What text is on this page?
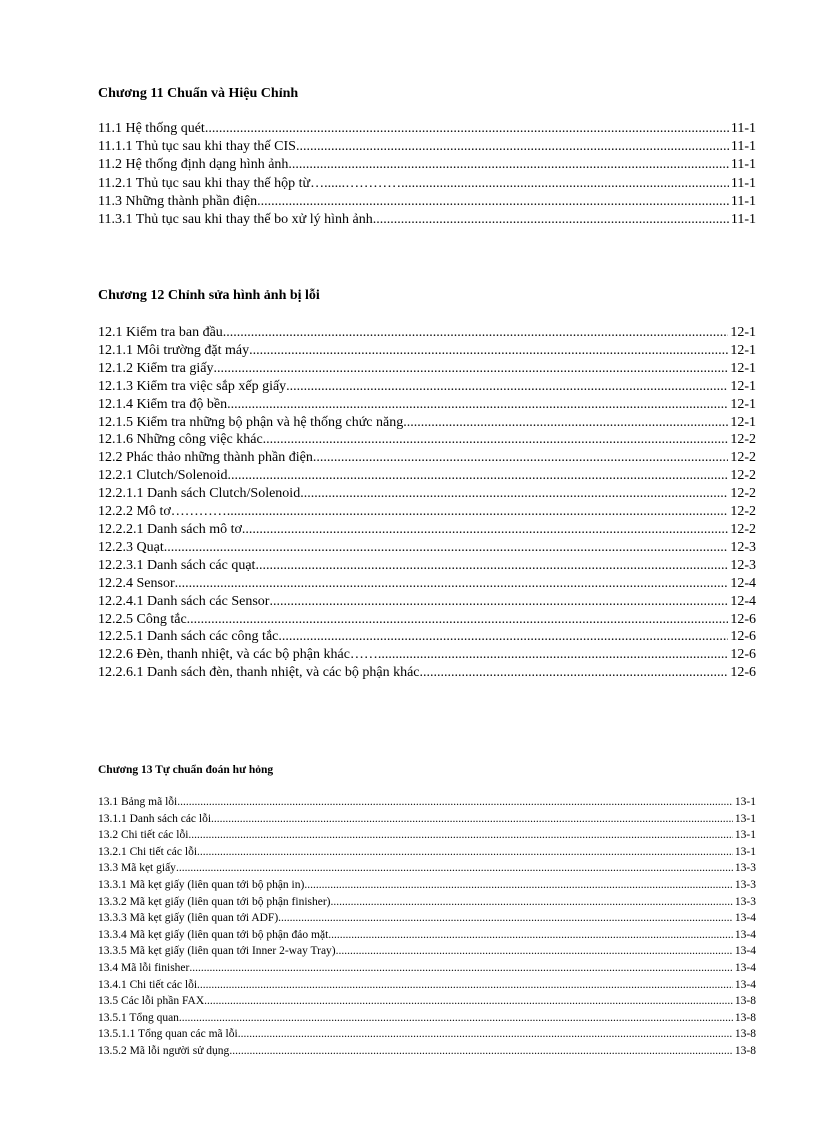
Chương 11 Chuẩn và Hiệu Chỉnh
11.1 Hệ thống quét .....	11-1
11.1.1 Thủ tục sau khi thay thế CIS .....	11-1
11.2 Hệ thống định dạng hình ảnh .....	11-1
11.2.1 Thủ tục sau khi thay thế hộp từ…......…………. .....	11-1
11.3 Những thành phần điện .....	11-1
11.3.1 Thủ tục sau khi thay thế bo xử lý hình ảnh .....	11-1
Chương 12 Chỉnh sửa hình ảnh bị lỗi
12.1 Kiểm tra ban đầu .....	12-1
12.1.1 Môi trường đặt máy .....	12-1
12.1.2 Kiểm tra giấy .....	12-1
12.1.3 Kiểm tra việc sắp xếp giấy .....	12-1
12.1.4 Kiểm tra độ bền .....	12-1
12.1.5 Kiểm tra những bộ phận và hệ thống chức năng .....	12-1
12.1.6 Những công việc khác .....	12-2
12.2 Phác thảo những thành phần điện .....	12-2
12.2.1 Clutch/Solenoid .....	12-2
12.2.1.1 Danh sách Clutch/Solenoid .....	12-2
12.2.2 Mô tơ…………. .....	12-2
12.2.2.1 Danh sách mô tơ .....	12-2
12.2.3 Quạt .....	12-3
12.2.3.1 Danh sách các quạt .....	12-3
12.2.4 Sensor .....	12-4
12.2.4.1 Danh sách các Sensor .....	12-4
12.2.5 Công tắc .....	12-6
12.2.5.1 Danh sách các công tắc .....	12-6
12.2.6 Đèn, thanh nhiệt, và các bộ phận khác…… .....	12-6
12.2.6.1 Danh sách đèn, thanh nhiệt, và các bộ phận khác .....	12-6
Chương 13 Tự chuẩn đoán hư hỏng
13.1 Bảng mã lỗi .....	13-1
13.1.1 Danh sách các lỗi .....	13-1
13.2 Chi tiết các lỗi .....	13-1
13.2.1 Chi tiết các lỗi .....	13-1
13.3 Mã kẹt giấy .....	13-3
13.3.1 Mã kẹt giấy (liên quan tới bộ phận in) .....	13-3
13.3.2 Mã kẹt giấy (liên quan tới bộ phận finisher) .....	13-3
13.3.3 Mã kẹt giấy (liên quan tới ADF) .....	13-4
13.3.4 Mã kẹt giấy (liên quan tới bộ phận đảo mặt .....	13-4
13.3.5 Mã kẹt giấy (liên quan tới Inner 2-way Tray) .....	13-4
13.4 Mã lỗi finisher .....	13-4
13.4.1 Chi tiết các lỗi .....	13-4
13.5 Các lỗi phần FAX .....	13-8
13.5.1 Tổng quan .....	13-8
13.5.1.1 Tổng quan các mã lỗi .....	13-8
13.5.2 Mã lỗi người sử dụng .....	13-8
